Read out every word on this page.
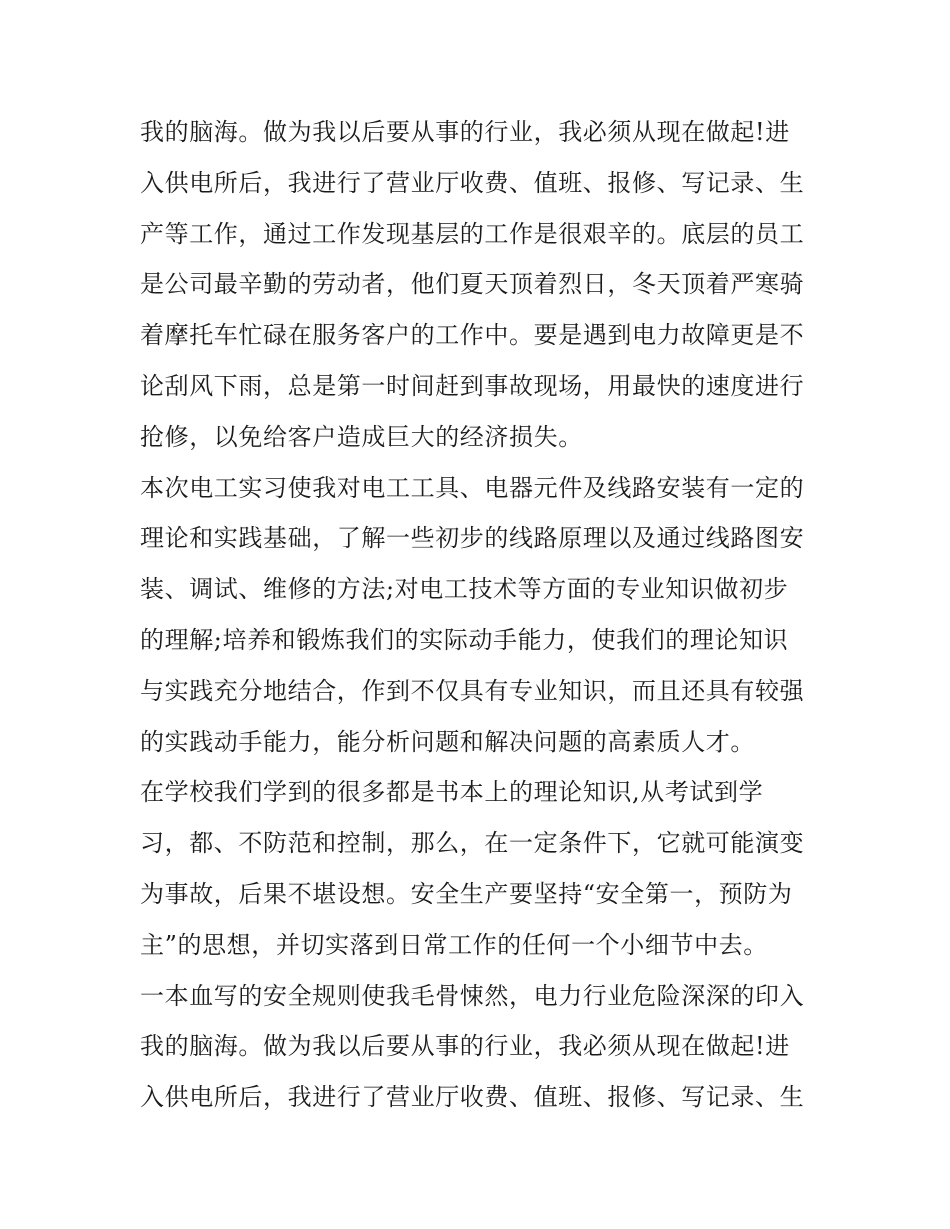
我的脑海。做为我以后要从事的行业，我必须从现在做起!进
入供电所后，我进行了营业厅收费、值班、报修、写记录、生
产等工作，通过工作发现基层的工作是很艰辛的。底层的员工
是公司最辛勤的劳动者，他们夏天顶着烈日，冬天顶着严寒骑
着摩托车忙碌在服务客户的工作中。要是遇到电力故障更是不
论刮风下雨，总是第一时间赶到事故现场，用最快的速度进行
抢修，以免给客户造成巨大的经济损失。
本次电工实习使我对电工工具、电器元件及线路安装有一定的
理论和实践基础，了解一些初步的线路原理以及通过线路图安
装、调试、维修的方法;对电工技术等方面的专业知识做初步
的理解;培养和锻炼我们的实际动手能力，使我们的理论知识
与实践充分地结合，作到不仅具有专业知识，而且还具有较强
的实践动手能力，能分析问题和解决问题的高素质人才。
在学校我们学到的很多都是书本上的理论知识,从考试到学
习，都、不防范和控制，那么，在一定条件下，它就可能演变
为事故，后果不堪设想。安全生产要坚持“安全第一，预防为
主”的思想，并切实落到日常工作的任何一个小细节中去。
一本血写的安全规则使我毛骨悚然，电力行业危险深深的印入
我的脑海。做为我以后要从事的行业，我必须从现在做起!进
入供电所后，我进行了营业厅收费、值班、报修、写记录、生
